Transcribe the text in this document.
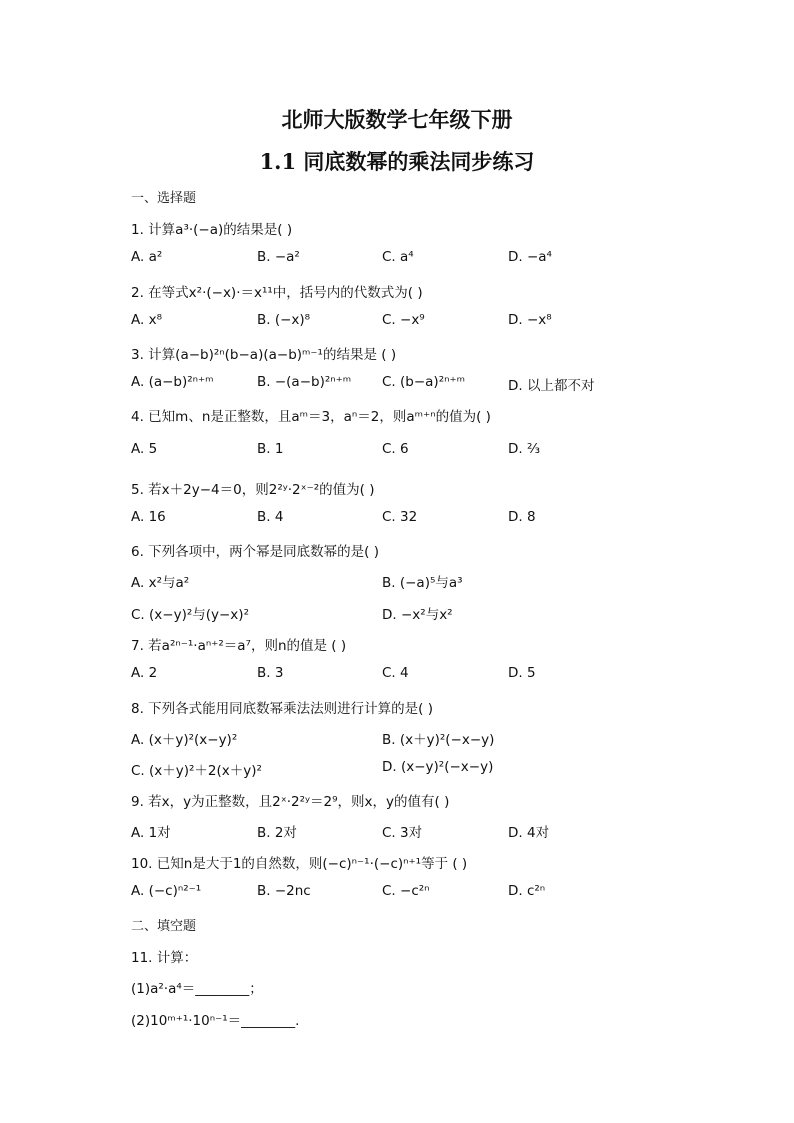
北师大版数学七年级下册
1.1 同底数幂的乘法同步练习
一、选择题
1. 计算a³·(−a)的结果是( )
A. a²	B. −a²	C. a⁴	D. −a⁴
2. 在等式x²·(−x)·＝x¹¹中，括号内的代数式为( )
A. x⁸	B. (−x)⁸	C. −x⁹	D. −x⁸
3. 计算(a−b)²ⁿ(b−a)(a−b)ᵐ⁻¹的结果是 ( )
A. (a−b)²ⁿ⁺ᵐ	B. −(a−b)²ⁿ⁺ᵐ C. (b−a)²ⁿ⁺ᵐ	D. 以上都不对
4. 已知m、n是正整数，且aᵐ＝3，aⁿ＝2，则aᵐ⁺ⁿ的值为( )
A. 5	B. 1	C. 6	D. ⅔
5. 若x＋2y−4＝0，则2²ʸ·2ˣ⁻²的值为( )
A. 16	B. 4	C. 32	D. 8
6. 下列各项中，两个幂是同底数幂的是( )
A. x²与a²	B. (−a)⁵与a³
C. (x−y)²与(y−x)²	D. −x²与x²
7. 若a²ⁿ⁻¹·aⁿ⁺²＝a⁷，则n的值是 ( )
A. 2	B. 3	C. 4	D. 5
8. 下列各式能用同底数幂乘法法则进行计算的是( )
A. (x＋y)²(x−y)²	B. (x＋y)²(−x−y)
C. (x＋y)²＋2(x＋y)²	D. (x−y)²(−x−y)
9. 若x，y为正整数，且2ˣ·2²ʸ＝2⁹，则x，y的值有( )
A. 1对	B. 2对	C. 3对	D. 4对
10. 已知n是大于1的自然数，则(−c)ⁿ⁻¹·(−c)ⁿ⁺¹等于 ( )
A. (−c)ⁿ²⁻¹	B. −2nc	C. −c²ⁿ	D. c²ⁿ
二、填空题
11. 计算：
(1)a²·a⁴＝________；
(2)10ᵐ⁺¹·10ⁿ⁻¹＝________.
